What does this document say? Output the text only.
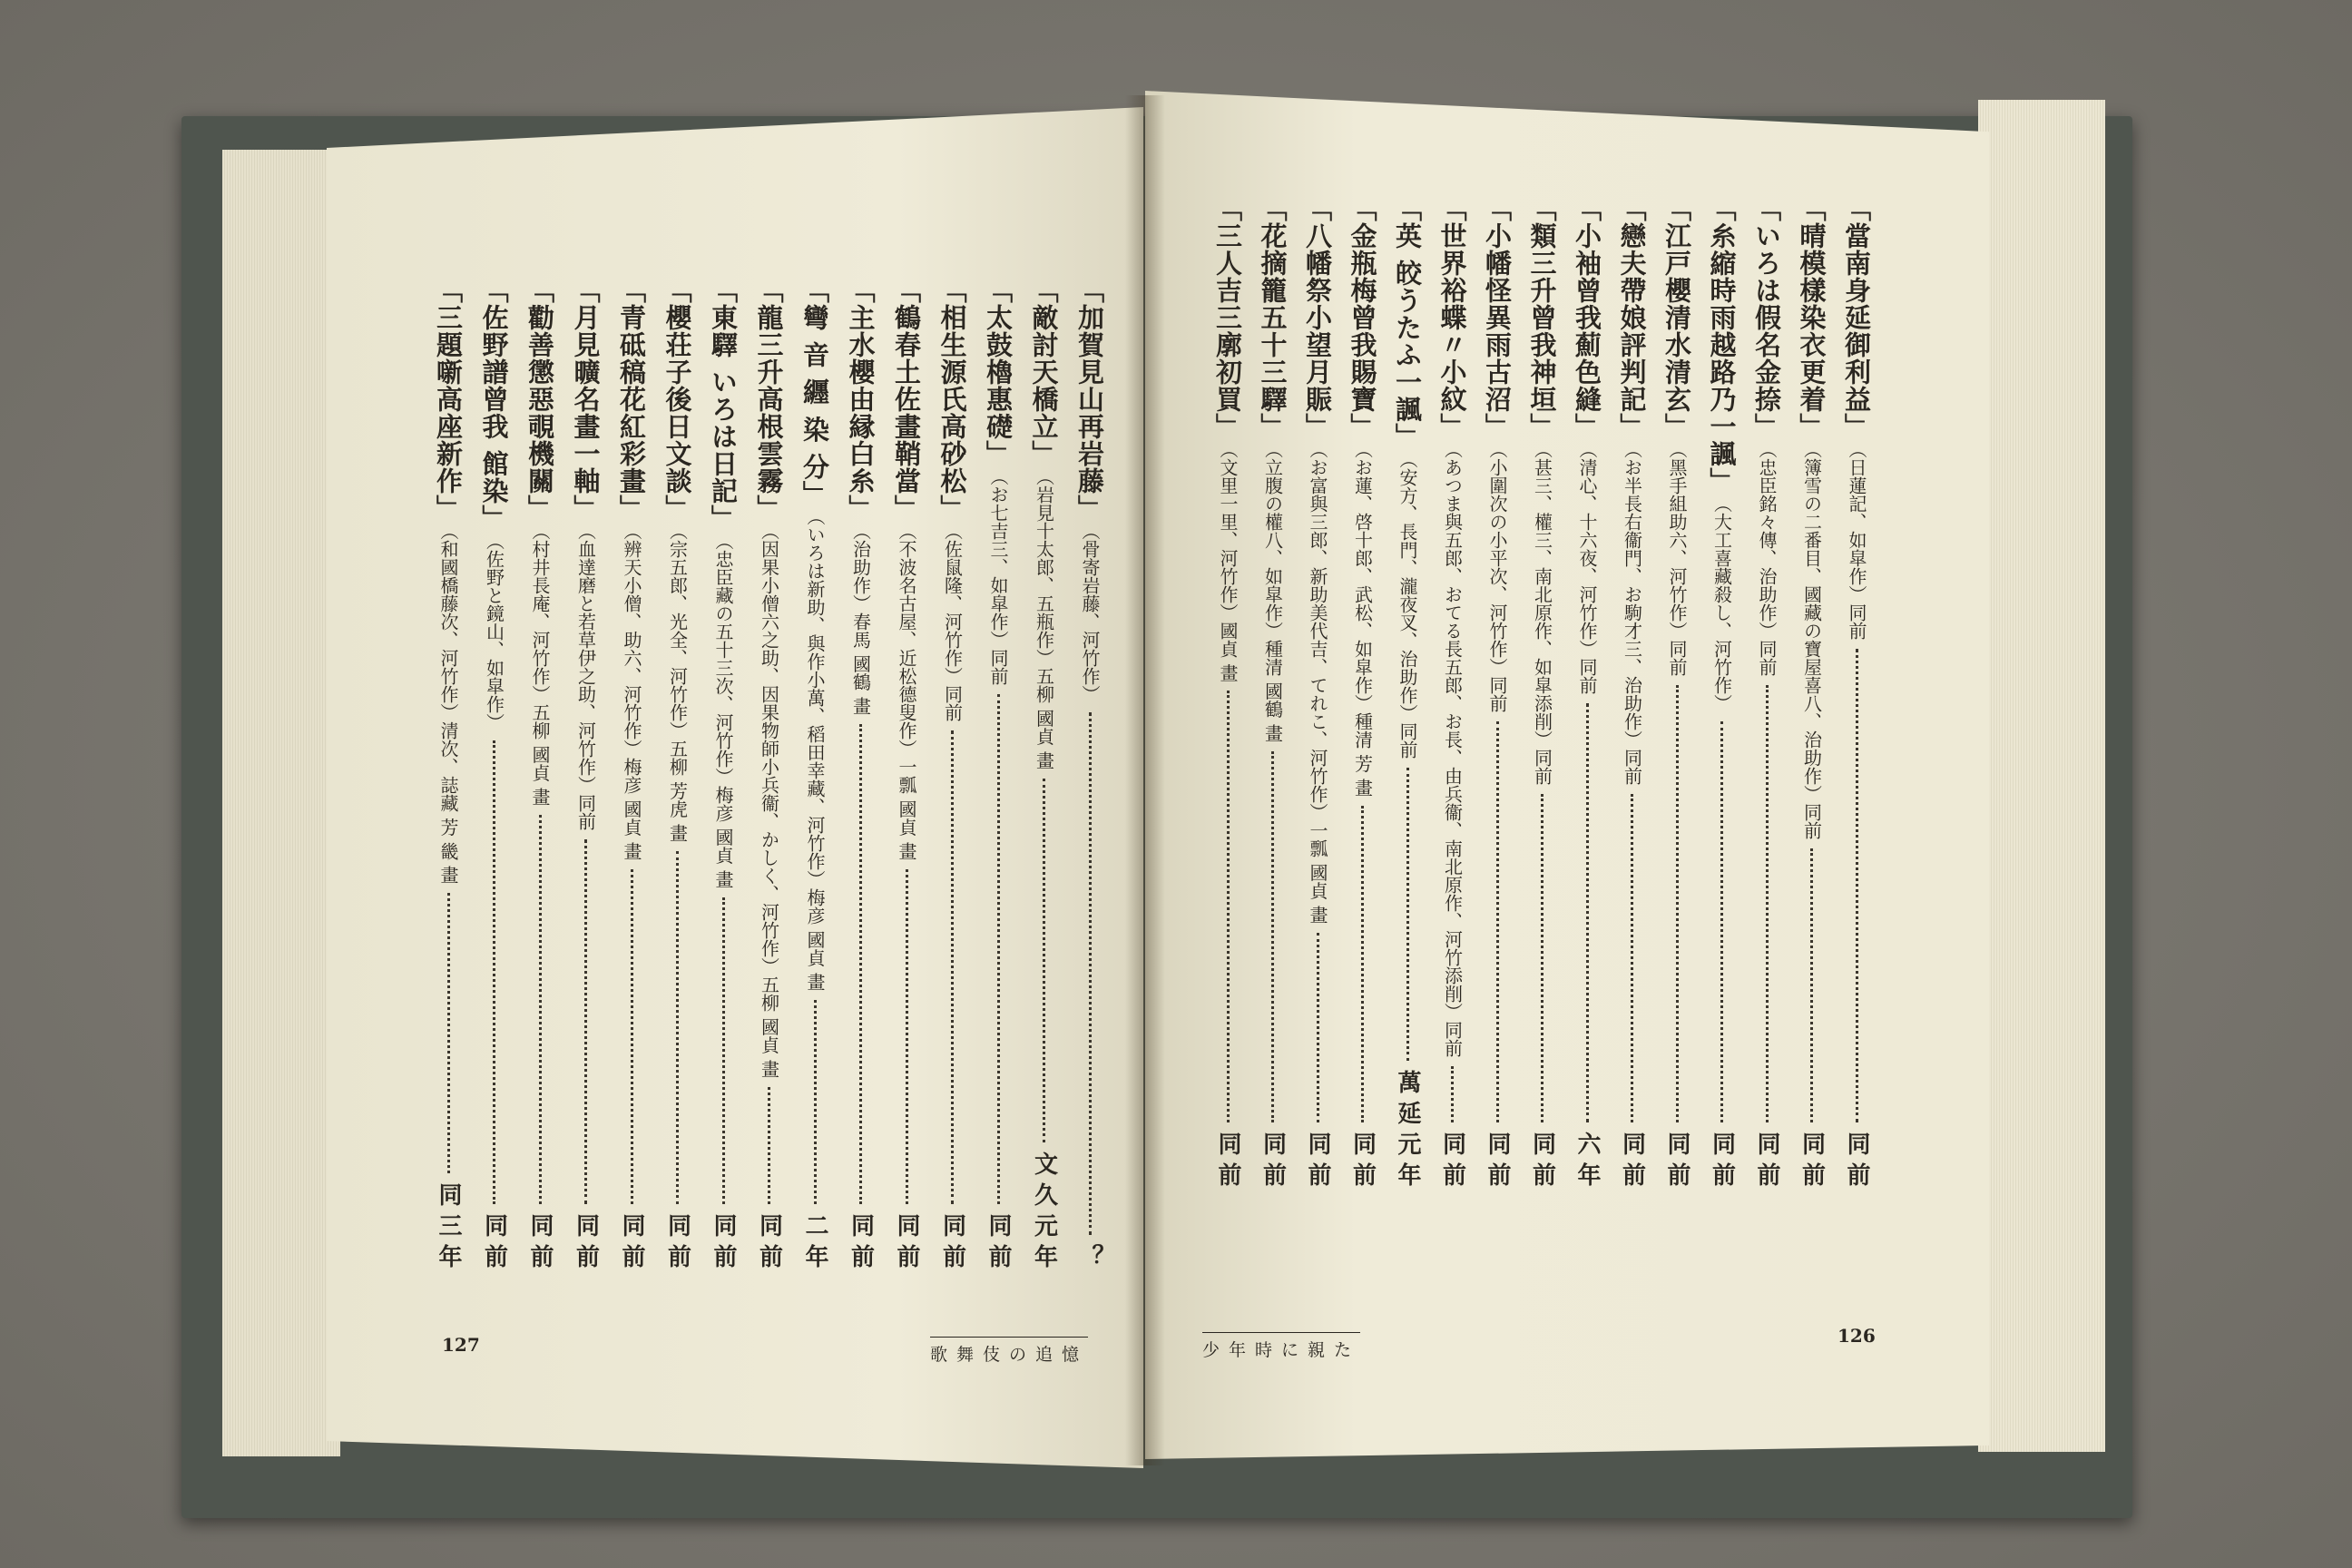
「當南身延御利益」
（日蓮記、如皐作）同前
同前
「晴模樣染衣更着」
（簿雪の二番目、國藏の寶屋喜八、治助作）同前
同前
「いろは假名金捺」
（忠臣銘々傳、治助作）同前
同前
「糸縮時雨越路乃一諷」
（大工喜藏殺し、河竹作）
同前
「江戸櫻清水清玄」
（黑手組助六、河竹作）同前
同前
「戀夫帶娘評判記」
（お半長右衞門、お駒才三、治助作）同前
同前
「小袖曾我薊色縫」
（清心、十六夜、河竹作）同前
六年
「類三升曾我神垣」
（甚三、權三、南北原作、如皐添削）同前
同前
「小幡怪異雨古沼」
（小圍次の小平次、河竹作）同前
同前
「世界裕蝶〃小紋」
（あつま與五郎、おてる長五郎、お長、由兵衞、南北原作、河竹添削）同前
同前
「英 皎うたふ一諷」
（安方、長門、瀧夜叉、治助作）同前
萬延元年
「金瓶梅曾我賜寶」
（お蓮、啓十郎、武松、如皐作）種清 芳 畫
同前
「八幡祭小望月賑」
（お富與三郎、新助美代吉、てれこ、河竹作）一瓢 國貞 畫
同前
「花摘籠五十三驛」
（立腹の權八、如皐作）種清 國鶴 畫
同前
「三人吉三廓初買」
（文里一里、河竹作）國貞 畫
同前
「加賀見山再岩藤」
（骨寄岩藤、河竹作）
？
「敵討天橋立」
（岩見十太郎、五瓶作）五柳 國貞 畫
文久元年
「太鼓櫓惠礎」
（お七吉三、如皐作）同前
同前
「相生源氏高砂松」
（佐鼠隆、河竹作）同前
同前
「鶴春土佐畫鞘當」
（不波名古屋、近松德叟作）一瓢 國貞 畫
同前
「主水櫻由縁白糸」
（治助作）春馬 國鶴 畫
同前
「彎 音 纒 染 分」
（いろは新助、與作小萬、稻田幸藏、河竹作）梅彦 國貞 畫
二年
「龍三升高根雲霧」
（因果小僧六之助、因果物師小兵衞、かしく、河竹作）五柳 國貞 畫
同前
「東驛 いろは日記」
（忠臣藏の五十三次、河竹作）梅彦 國貞 畫
同前
「櫻荘子後日文談」
（宗五郎、光全、河竹作）五柳 芳虎 畫
同前
「青砥稿花紅彩畫」
（辨天小僧、助六、河竹作）梅彦 國貞 畫
同前
「月見曠名畫一軸」
（血達磨と若草伊之助、河竹作）同前
同前
「勸善懲惡覗機關」
（村井長庵、河竹作）五柳 國貞 畫
同前
「佐野譜曾我 館染」
（佐野と鏡山、如皐作）
同前
「三題噺高座新作」
（和國橋藤次、河竹作）清次、誌藏 芳 畿 畫
同三年
127	歌舞伎の追憶	少年時に親た
126
